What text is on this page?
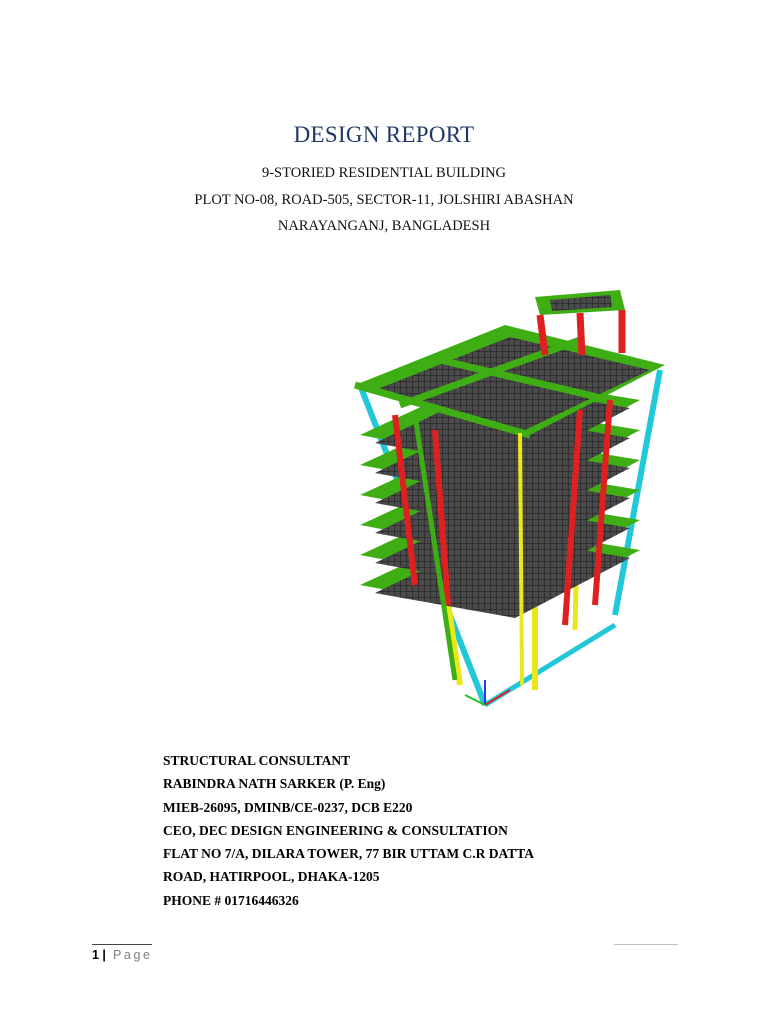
DESIGN REPORT
9-STORIED RESIDENTIAL BUILDING
PLOT NO-08, ROAD-505, SECTOR-11, JOLSHIRI ABASHAN
NARAYANGANJ, BANGLADESH
STRUCTURAL CONSULTANT
RABINDRA NATH SARKER (P. Eng)
MIEB-26095, DMINB/CE-0237, DCB E220
CEO, DEC DESIGN ENGINEERING & CONSULTATION
FLAT NO 7/A, DILARA TOWER, 77 BIR UTTAM C.R DATTA
ROAD, HATIRPOOL, DHAKA-1205
PHONE # 01716446326
1 | Page
